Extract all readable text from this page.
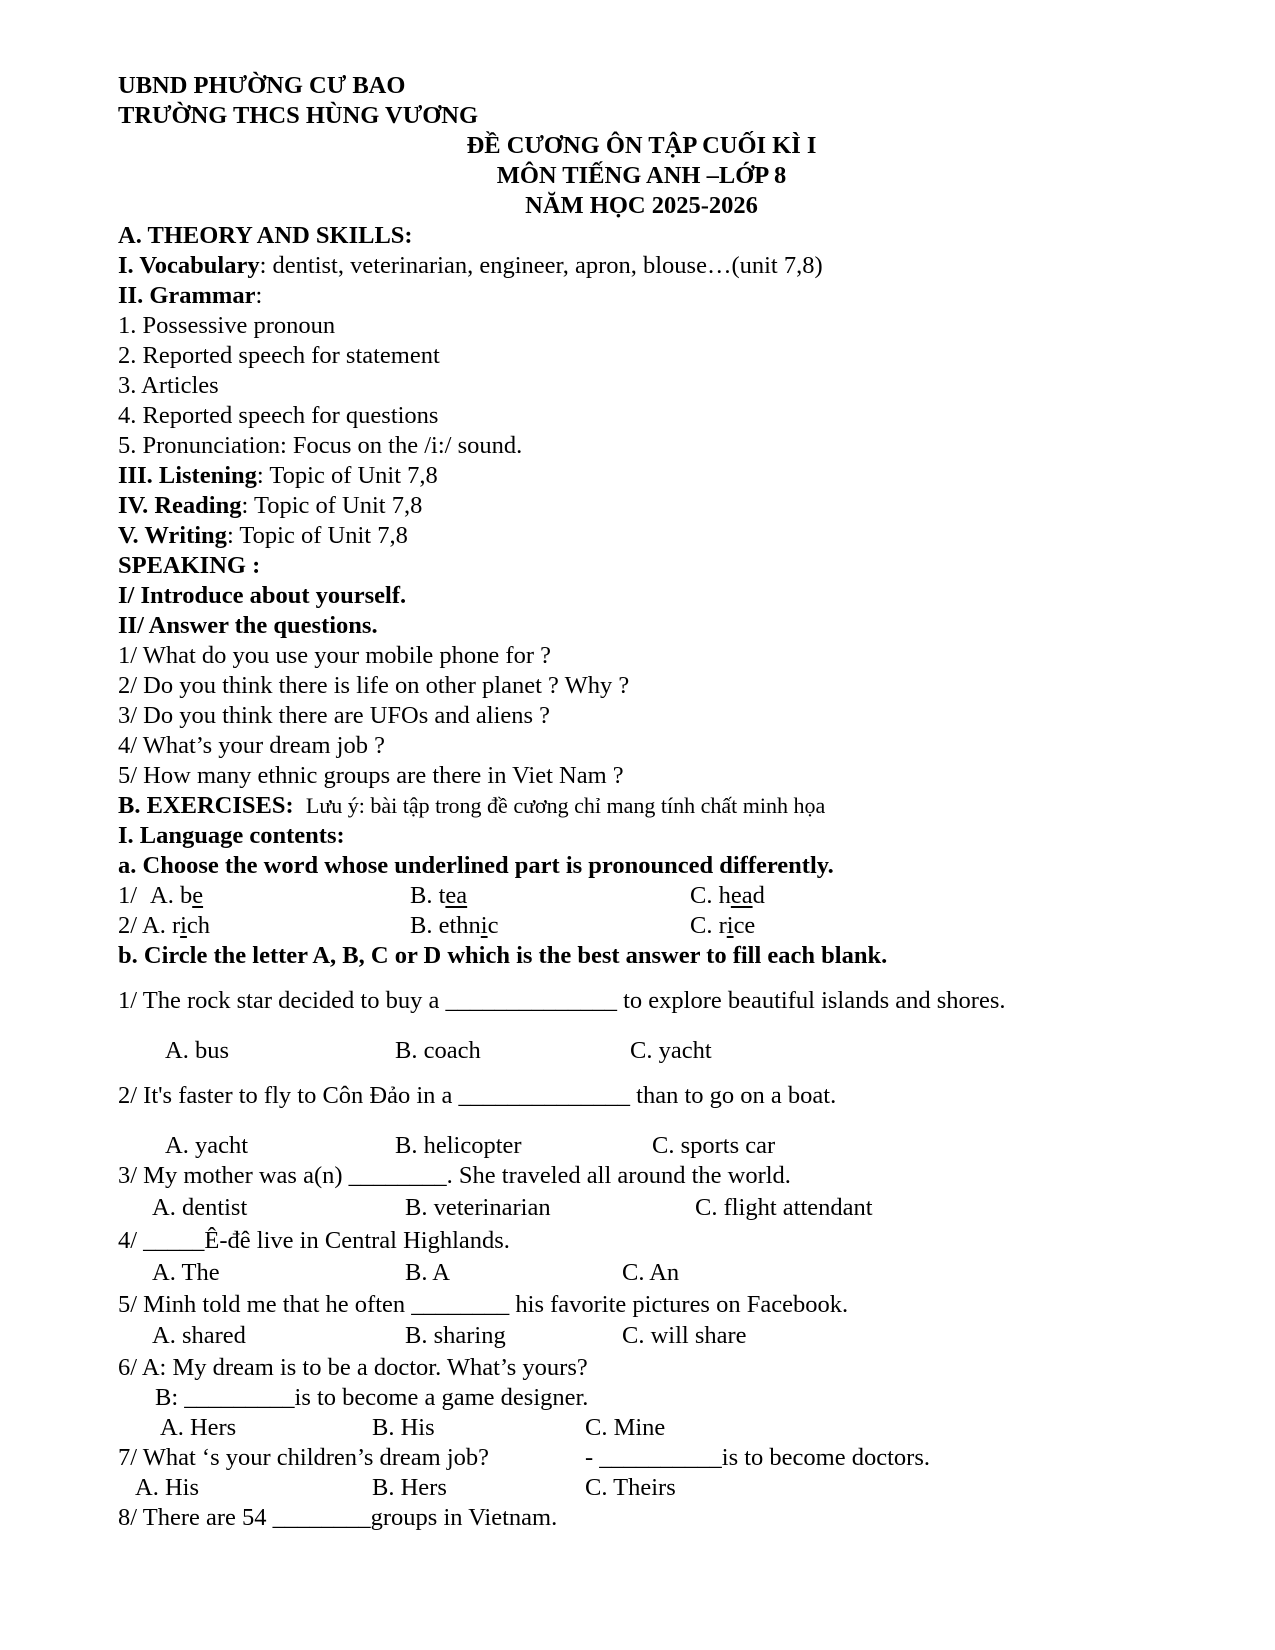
UBND PHƯỜNG CƯ BAO
TRƯỜNG THCS HÙNG VƯƠNG
ĐỀ CƯƠNG ÔN TẬP CUỐI KÌ I
MÔN TIẾNG ANH –LỚP 8
NĂM HỌC 2025-2026
A. THEORY AND SKILLS:
I. Vocabulary: dentist, veterinarian, engineer, apron, blouse…(unit 7,8)
II. Grammar:
1. Possessive pronoun
2. Reported speech for statement
3. Articles
4. Reported speech for questions
5. Pronunciation: Focus on the /i:/ sound.
III. Listening: Topic of Unit 7,8
IV. Reading: Topic of Unit 7,8
V. Writing: Topic of Unit 7,8
SPEAKING :
I/ Introduce about yourself.
II/ Answer the questions.
1/ What do you use your mobile phone for ?
2/ Do you think there is life on other planet ? Why ?
3/ Do you think there are UFOs and aliens ?
4/ What’s your dream job ?
5/ How many ethnic groups are there in Viet Nam ?
B. EXERCISES: Lưu ý: bài tập trong đề cương chỉ mang tính chất minh họa
I. Language contents:
a. Choose the word whose underlined part is pronounced differently.
1/ A. be	B. tea	C. head
2/ A. rich	B. ethnic	C. rice
b. Circle the letter A, B, C or D which is the best answer to fill each blank.
1/ The rock star decided to buy a ______________ to explore beautiful islands and shores.
A. bus	B. coach	C. yacht
2/ It's faster to fly to Côn Đảo in a ______________ than to go on a boat.
A. yacht	B. helicopter	C. sports car
3/ My mother was a(n) ________. She traveled all around the world.
A. dentist	B. veterinarian	C. flight attendant
4/ _____Ê-đê live in Central Highlands.
A. The	B. A	C. An
5/ Minh told me that he often ________ his favorite pictures on Facebook.
A. shared	B. sharing	C. will share
6/ A: My dream is to be a doctor. What’s yours?
B: _________is to become a game designer.
A. Hers	B. His	C. Mine
7/ What ‘s your children’s dream job?	- __________is to become doctors.
A. His	B. Hers	C. Theirs
8/ There are 54 ________groups in Vietnam.
